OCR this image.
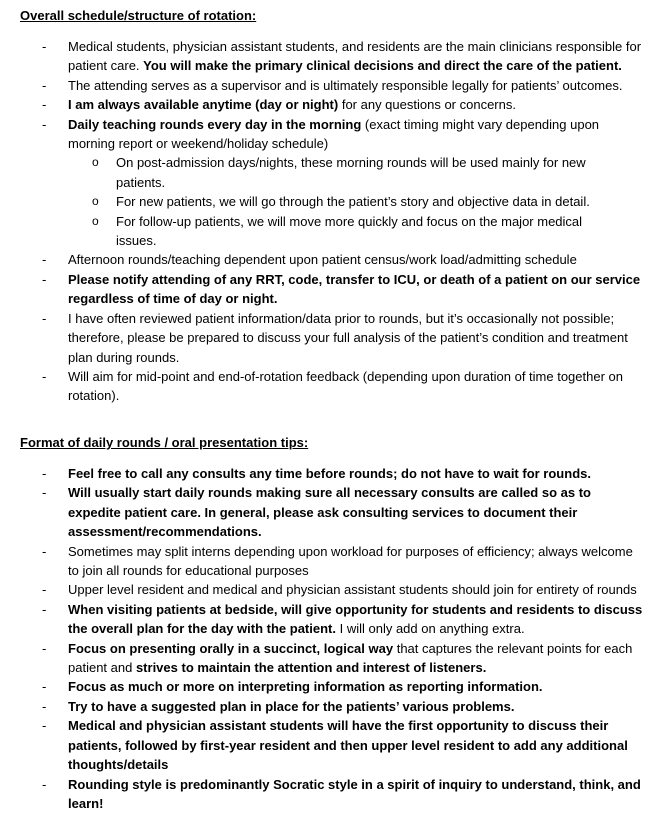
Overall schedule/structure of rotation:
- Medical students, physician assistant students, and residents are the main clinicians responsible for patient care. You will make the primary clinical decisions and direct the care of the patient.
- The attending serves as a supervisor and is ultimately responsible legally for patients’ outcomes.
- I am always available anytime (day or night) for any questions or concerns.
- Daily teaching rounds every day in the morning (exact timing might vary depending upon morning report or weekend/holiday schedule)
o On post-admission days/nights, these morning rounds will be used mainly for new patients.
o For new patients, we will go through the patient’s story and objective data in detail.
o For follow-up patients, we will move more quickly and focus on the major medical issues.
- Afternoon rounds/teaching dependent upon patient census/work load/admitting schedule
- Please notify attending of any RRT, code, transfer to ICU, or death of a patient on our service regardless of time of day or night.
- I have often reviewed patient information/data prior to rounds, but it’s occasionally not possible; therefore, please be prepared to discuss your full analysis of the patient’s condition and treatment plan during rounds.
- Will aim for mid-point and end-of-rotation feedback (depending upon duration of time together on rotation).
Format of daily rounds / oral presentation tips:
- Feel free to call any consults any time before rounds; do not have to wait for rounds.
- Will usually start daily rounds making sure all necessary consults are called so as to expedite patient care. In general, please ask consulting services to document their assessment/recommendations.
- Sometimes may split interns depending upon workload for purposes of efficiency; always welcome to join all rounds for educational purposes
- Upper level resident and medical and physician assistant students should join for entirety of rounds
- When visiting patients at bedside, will give opportunity for students and residents to discuss the overall plan for the day with the patient. I will only add on anything extra.
- Focus on presenting orally in a succinct, logical way that captures the relevant points for each patient and strives to maintain the attention and interest of listeners.
- Focus as much or more on interpreting information as reporting information.
- Try to have a suggested plan in place for the patients’ various problems.
- Medical and physician assistant students will have the first opportunity to discuss their patients, followed by first-year resident and then upper level resident to add any additional thoughts/details
- Rounding style is predominantly Socratic style in a spirit of inquiry to understand, think, and learn!
